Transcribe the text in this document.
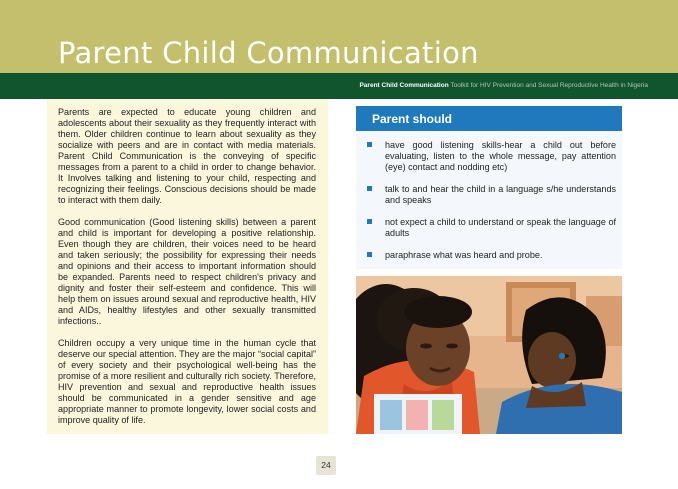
Parent Child Communication
Parent Child Communication Toolkit for HIV Prevention and Sexual Reproductive Health in Nigeria

Parents are expected to educate young children and adolescents about their sexuality as they frequently interact with them. Older children continue to learn about sexuality as they socialize with peers and are in contact with media materials. Parent Child Communication is the conveying of specific messages from a parent to a child in order to change behavior. It Involves talking and listening to your child, respecting and recognizing their feelings. Conscious decisions should be made to interact with them daily.

Good communication (Good listening skills) between a parent and child is important for developing a positive relationship. Even though they are children, their voices need to be heard and taken seriously; the possibility for expressing their needs and opinions and their access to important information should be expanded. Parents need to respect children's privacy and dignity and foster their self-esteem and confidence. This will help them on issues around sexual and reproductive health, HIV and AIDs, healthy lifestyles and other sexually transmitted infections..

Children occupy a very unique time in the human cycle that deserve our special attention. They are the major “social capital” of every society and their psychological well-being has the promise of a more resilient and culturally rich society. Therefore, HIV prevention and sexual and reproductive health issues should be communicated in a gender sensitive and age appropriate manner to promote longevity, lower social costs and improve quality of life.

Parent should
have good listening skills-hear a child out before evaluating, listen to the whole message, pay attention (eye) contact and nodding etc)
talk to and hear the child in a language s/he understands and speaks
not expect a child to understand or speak the language of adults
paraphrase what was heard and probe.
24
